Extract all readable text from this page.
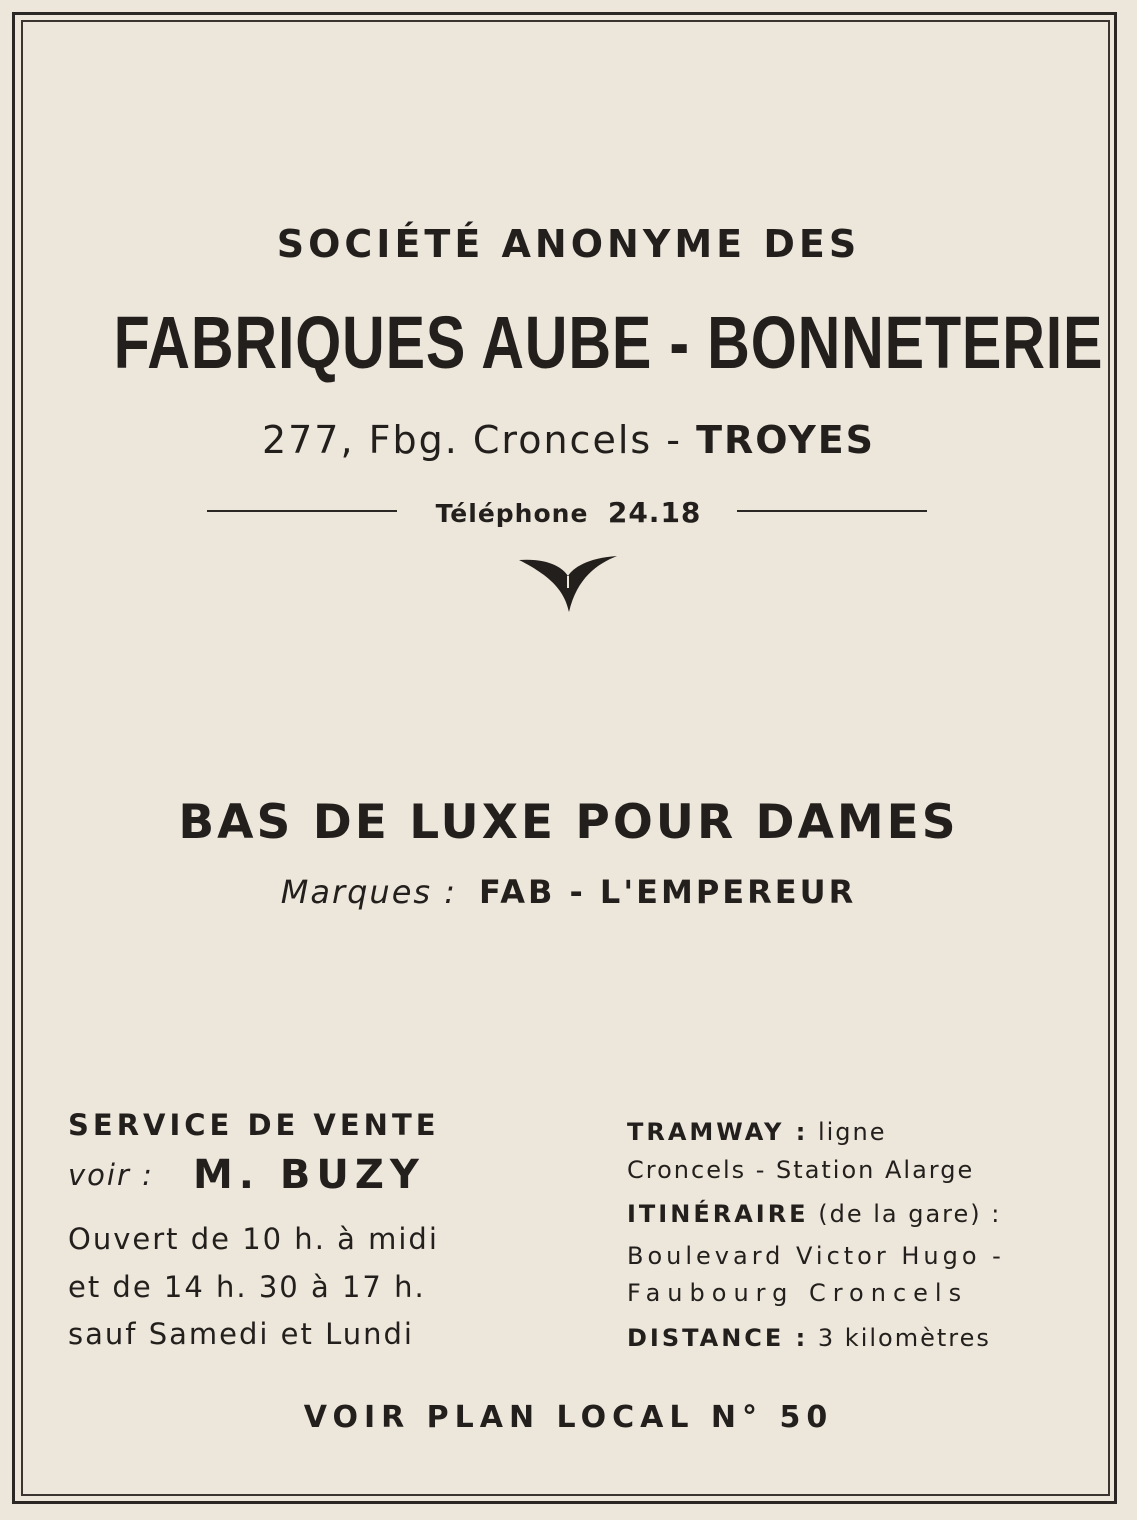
SOCIÉTÉ ANONYME DES
FABRIQUES AUBE - BONNETERIE
277, Fbg. Croncels - TROYES
Téléphone 24.18
BAS DE LUXE POUR DAMES
Marques : FAB - L'EMPEREUR
SERVICE DE VENTE
voir : M. BUZY
Ouvert de 10 h. à midi
et de 14 h. 30 à 17 h.
sauf Samedi et Lundi
TRAMWAY : ligne
Croncels - Station Alarge
ITINÉRAIRE (de la gare) :
Boulevard Victor Hugo -
Faubourg Croncels
DISTANCE : 3 kilomètres
VOIR PLAN LOCAL N° 50
